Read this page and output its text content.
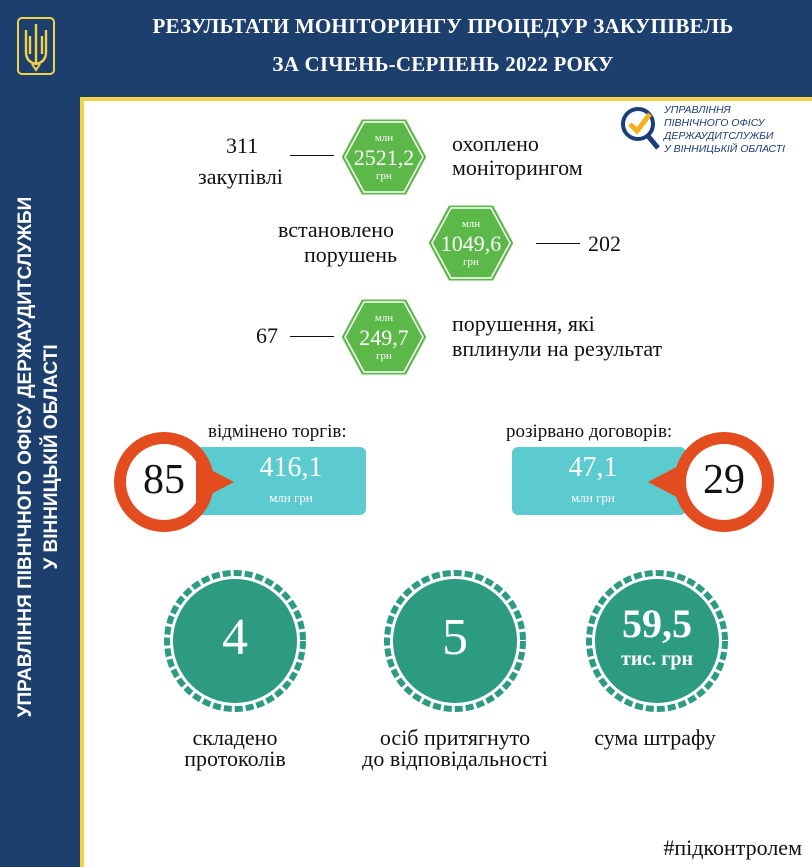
РЕЗУЛЬТАТИ МОНІТОРИНГУ ПРОЦЕДУР ЗАКУПІВЕЛЬ
ЗА СІЧЕНЬ-СЕРПЕНЬ 2022 РОКУ
УПРАВЛІННЯ ПІВНІЧНОГО ОФІСУ ДЕРЖАУДИТСЛУЖБИ У ВІННИЦЬКІЙ ОБЛАСТІ
УПРАВЛІННЯ
ПІВНІЧНОГО ОФІСУ
ДЕРЖАУДИТСЛУЖБИ
У ВІННИЦЬКІЙ ОБЛАСТІ
311
закупівлі
млн
2521,2
грн
охоплено
моніторингом
встановлено
порушень
млн
1049,6
грн
202
67
млн
249,7
грн
порушення, які
вплинули на результат
відмінено торгів:
416,1
млн грн
85
розірвано договорів:
47,1
млн грн	29
4
складено
протоколів
5
осіб притягнуто
до відповідальності
59,5
тис. грн
сума штрафу
#підконтролем
